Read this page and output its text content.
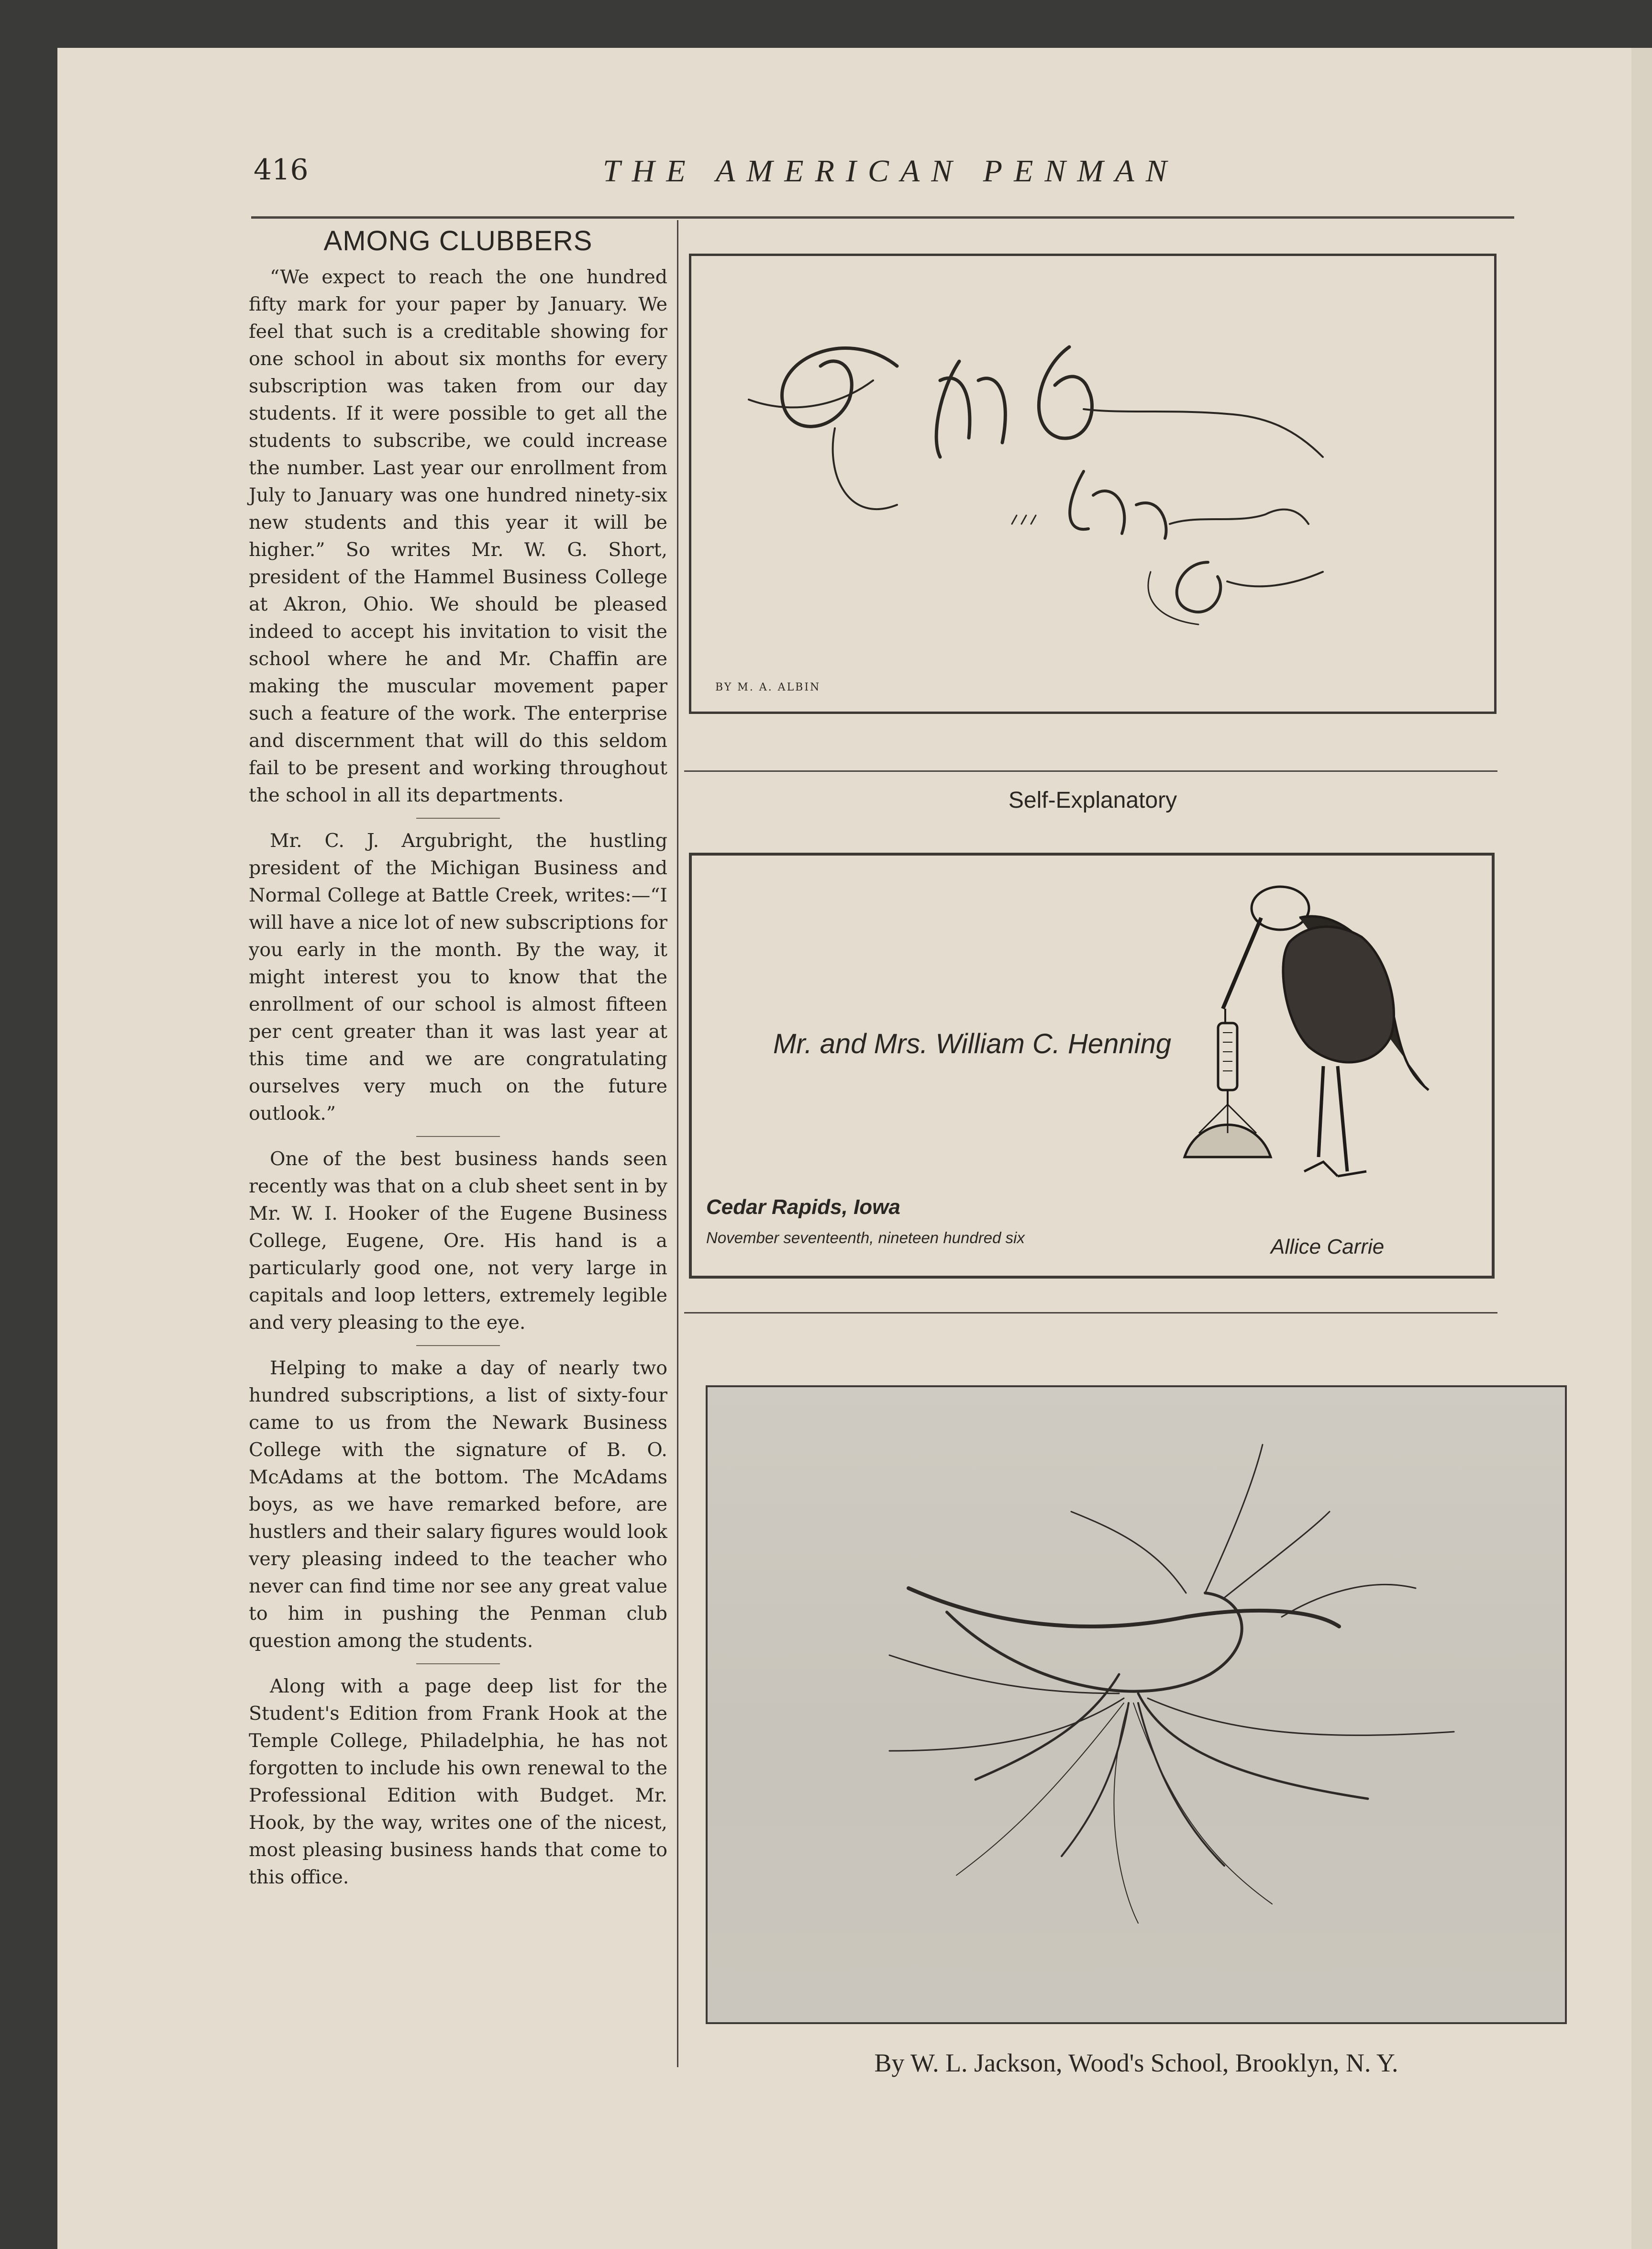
416	THE AMERICAN PENMAN
AMONG CLUBBERS

“We expect to reach the one hundred fifty mark for your paper by January. We feel that such is a creditable showing for one school in about six months for every subscription was taken from our day students. If it were possible to get all the students to subscribe, we could increase the number. Last year our enrollment from July to January was one hundred ninety-six new students and this year it will be higher.” So writes Mr. W. G. Short, president of the Hammel Business College at Akron, Ohio. We should be pleased indeed to accept his invitation to visit the school where he and Mr. Chaffin are making the muscular movement paper such a feature of the work. The enterprise and discernment that will do this seldom fail to be present and working throughout the school in all its departments.

Mr. C. J. Argubright, the hustling president of the Michigan Business and Normal College at Battle Creek, writes:—“I will have a nice lot of new subscriptions for you early in the month. By the way, it might interest you to know that the enrollment of our school is almost fifteen per cent greater than it was last year at this time and we are congratulating ourselves very much on the future outlook.”

One of the best business hands seen recently was that on a club sheet sent in by Mr. W. I. Hooker of the Eugene Business College, Eugene, Ore. His hand is a particularly good one, not very large in capitals and loop letters, extremely legible and very pleasing to the eye.

Helping to make a day of nearly two hundred subscriptions, a list of sixty-four came to us from the Newark Business College with the signature of B. O. McAdams at the bottom. The McAdams boys, as we have remarked before, are hustlers and their salary figures would look very pleasing indeed to the teacher who never can find time nor see any great value to him in pushing the Penman club question among the students.

Along with a page deep list for the Student's Edition from Frank Hook at the Temple College, Philadelphia, he has not forgotten to include his own renewal to the Professional Edition with Budget. Mr. Hook, by the way, writes one of the nicest, most pleasing business hands that come to this office.

BY M. A. ALBIN
Self-Explanatory
Mr. and Mrs. William C. Henning
Cedar Rapids, Iowa
November seventeenth, nineteen hundred six	Allice Carrie
By W. L. Jackson, Wood's School, Brooklyn, N. Y.
